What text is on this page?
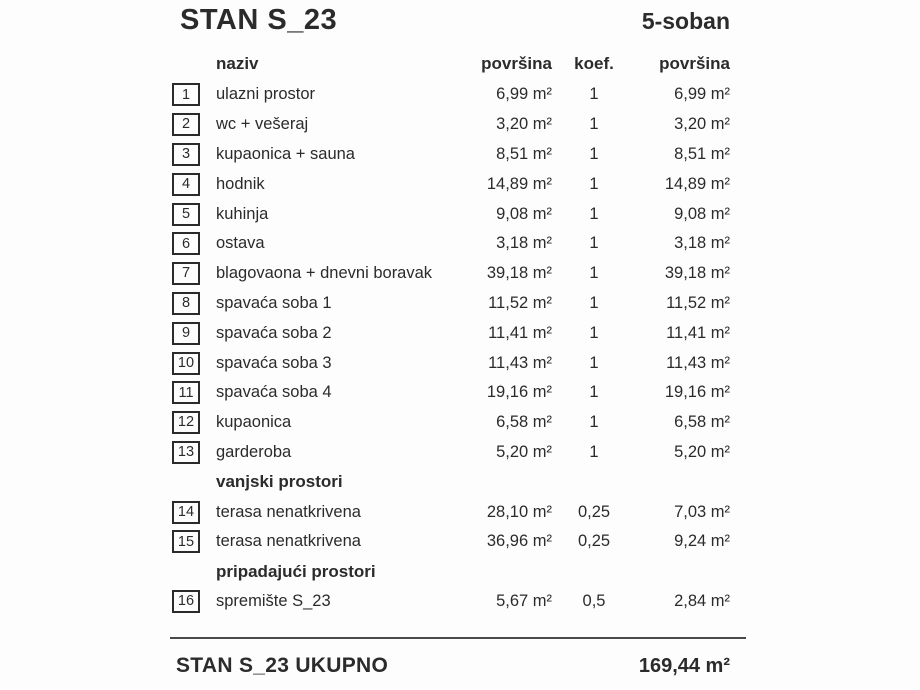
STAN S_23	5-soban
naziv	površina	koef.	površina
1	ulazni prostor	6,99 m²	1	6,99 m²
2	wc + vešeraj	3,20 m²	1	3,20 m²
3	kupaonica + sauna	8,51 m²	1	8,51 m²
4	hodnik	14,89 m²	1	14,89 m²
5	kuhinja	9,08 m²	1	9,08 m²
6	ostava	3,18 m²	1	3,18 m²
7	blagovaona + dnevni boravak	39,18 m²	1	39,18 m²
8	spavaća soba 1	11,52 m²	1	11,52 m²
9	spavaća soba 2	11,41 m²	1	11,41 m²
10	spavaća soba 3	11,43 m²	1	11,43 m²
11	spavaća soba 4	19,16 m²	1	19,16 m²
12	kupaonica	6,58 m²	1	6,58 m²
13	garderoba	5,20 m²	1	5,20 m²
vanjski prostori
14	terasa nenatkrivena	28,10 m²	0,25	7,03 m²
15	terasa nenatkrivena	36,96 m²	0,25	9,24 m²
pripadajući prostori
16	spremište S_23	5,67 m²	0,5	2,84 m²
STAN S_23 UKUPNO	169,44 m²
